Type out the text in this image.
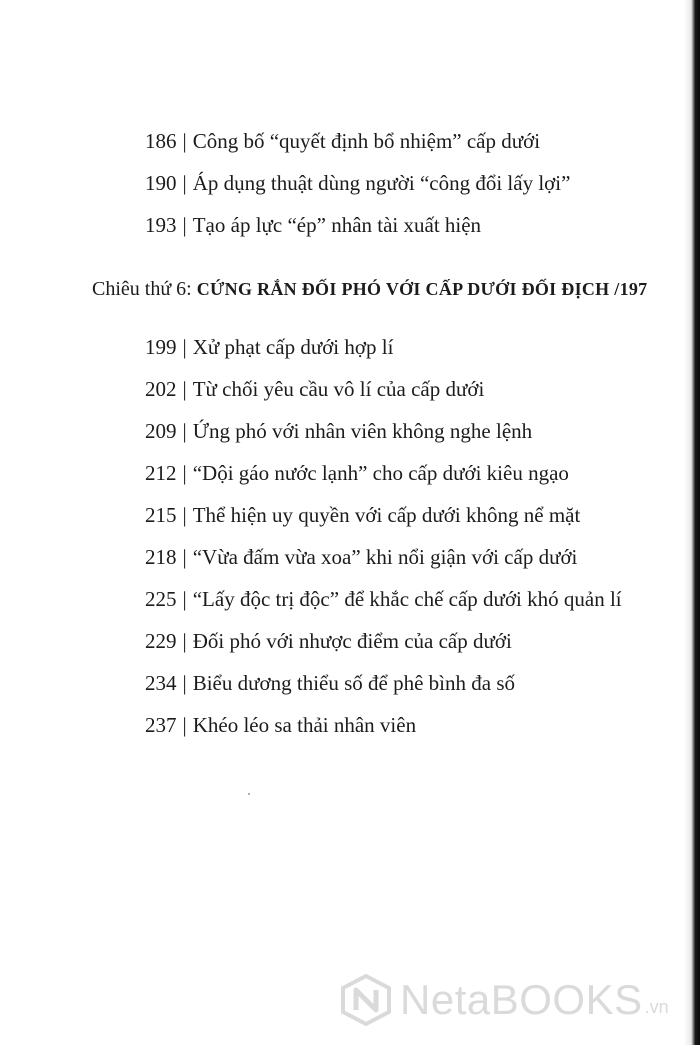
186 | Công bố “quyết định bổ nhiệm” cấp dưới
190 | Áp dụng thuật dùng người “công đổi lấy lợi”
193 | Tạo áp lực “ép” nhân tài xuất hiện
Chiêu thứ 6: CỨNG RẮN ĐỐI PHÓ VỚI CẤP DƯỚI ĐỐI ĐỊCH /197
199 | Xử phạt cấp dưới hợp lí
202 | Từ chối yêu cầu vô lí của cấp dưới
209 | Ứng phó với nhân viên không nghe lệnh
212 | “Dội gáo nước lạnh” cho cấp dưới kiêu ngạo
215 | Thể hiện uy quyền với cấp dưới không nể mặt
218 | “Vừa đấm vừa xoa” khi nổi giận với cấp dưới
225 | “Lấy độc trị độc” để khắc chế cấp dưới khó quản lí
229 | Đối phó với nhược điểm của cấp dưới
234 | Biểu dương thiểu số để phê bình đa số
237 | Khéo léo sa thải nhân viên
NetaBOOKS .vn
